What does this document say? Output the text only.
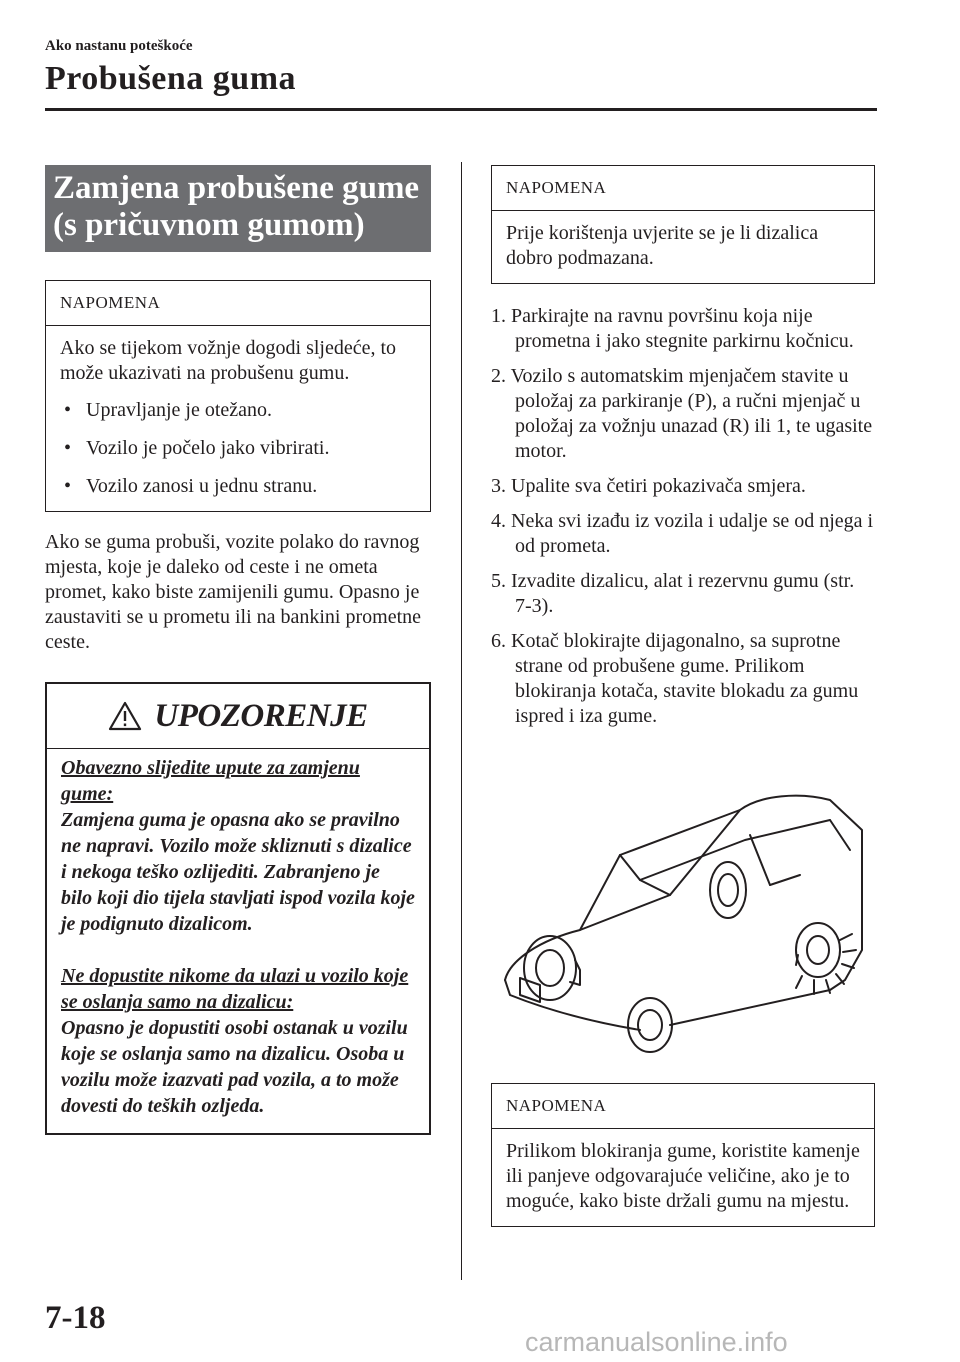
Ako nastanu poteškoće
Probušena guma
Zamjena probušene gume
(s pričuvnom gumom)
NAPOMENA

Ako se tijekom vožnje dogodi sljedeće, to može ukazivati na probušenu gumu.

• Upravljanje je otežano.
• Vozilo je počelo jako vibrirati.
• Vozilo zanosi u jednu stranu.

Ako se guma probuši, vozite polako do ravnog mjesta, koje je daleko od ceste i ne ometa promet, kako biste zamijenili gumu. Opasno je zaustaviti se u prometu ili na bankini prometne ceste.

UPOZORENJE

Obavezno slijedite upute za zamjenu gume:

Zamjena guma je opasna ako se pravilno ne napravi. Vozilo može skliznuti s dizalice i nekoga teško ozlijediti. Zabranjeno je bilo koji dio tijela stavljati ispod vozila koje je podignuto dizalicom.

Ne dopustite nikome da ulazi u vozilo koje se oslanja samo na dizalicu:

Opasno je dopustiti osobi ostanak u vozilu koje se oslanja samo na dizalicu. Osoba u vozilu može izazvati pad vozila, a to može dovesti do teških ozljeda.

NAPOMENA

Prije korištenja uvjerite se je li dizalica dobro podmazana.

1. Parkirajte na ravnu površinu koja nije prometna i jako stegnite parkirnu kočnicu.
2. Vozilo s automatskim mjenjačem stavite u položaj za parkiranje (P), a ručni mjenjač u položaj za vožnju unazad (R) ili 1, te ugasite motor.
3. Upalite sva četiri pokazivača smjera.
4. Neka svi izađu iz vozila i udalje se od njega i od prometa.
5. Izvadite dizalicu, alat i rezervnu gumu (str. 7-3).
6. Kotač blokirajte dijagonalno, sa suprotne strane od probušene gume. Prilikom blokiranja kotača, stavite blokadu za gumu ispred i iza gume.
NAPOMENA

Prilikom blokiranja gume, koristite kamenje ili panjeve odgovarajuće veličine, ako je to moguće, kako biste držali gumu na mjestu.

7-18
carmanualsonline.info
